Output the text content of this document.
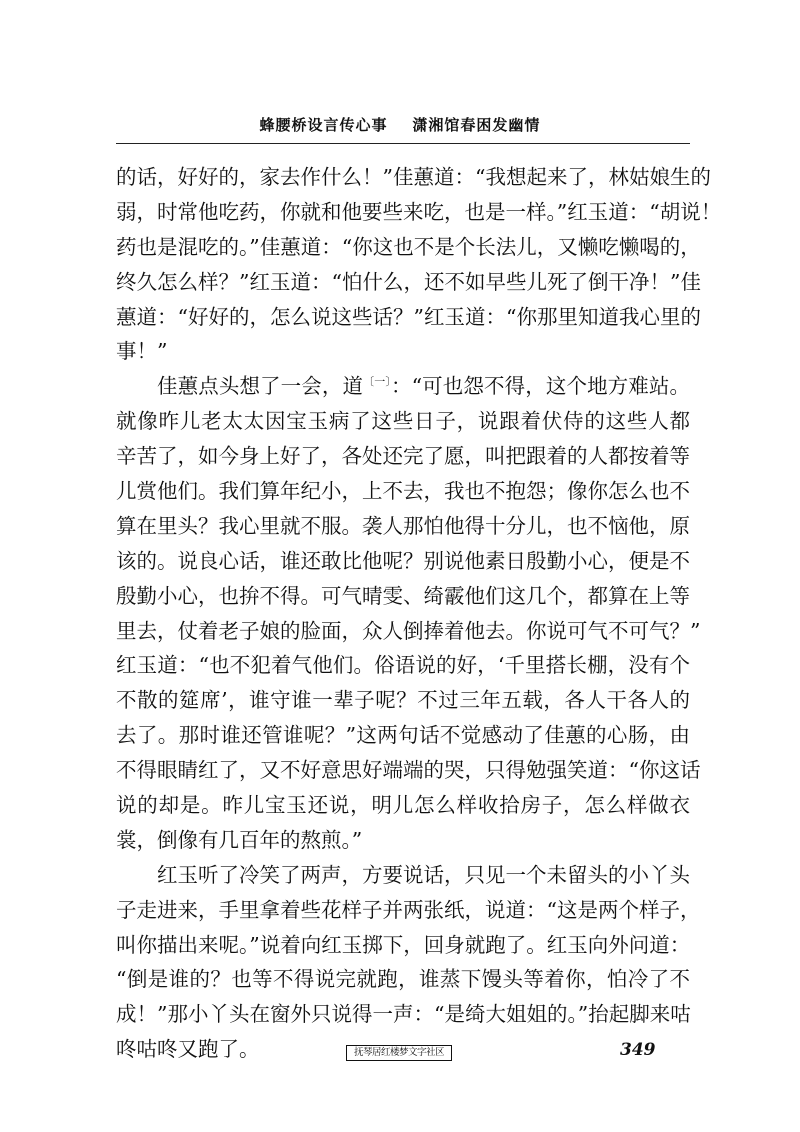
蜂腰桥设言传心事    潇湘馆春困发幽情
的话，好好的，家去作什么！”佳蕙道：“我想起来了，林姑娘生的
弱，时常他吃药，你就和他要些来吃，也是一样。”红玉道：“胡说！
药也是混吃的。”佳蕙道：“你这也不是个长法儿，又懒吃懒喝的，
终久怎么样？”红玉道：“怕什么，还不如早些儿死了倒干净！”佳
蕙道：“好好的，怎么说这些话？”红玉道：“你那里知道我心里的
事！”
佳蕙点头想了一会，道$^{〔一〕}$：“可也怨不得，这个地方难站。
就像昨儿老太太因宝玉病了这些日子，说跟着伏侍的这些人都
辛苦了，如今身上好了，各处还完了愿，叫把跟着的人都按着等
儿赏他们。我们算年纪小，上不去，我也不抱怨；像你怎么也不
算在里头？我心里就不服。袭人那怕他得十分儿，也不恼他，原
该的。说良心话，谁还敢比他呢？别说他素日殷勤小心，便是不
殷勤小心，也拚不得。可气晴雯、绮霰他们这几个，都算在上等
里去，仗着老子娘的脸面，众人倒捧着他去。你说可气不可气？”
红玉道：“也不犯着气他们。俗语说的好，‘千里搭长棚，没有个
不散的筵席’，谁守谁一辈子呢？不过三年五载，各人干各人的
去了。那时谁还管谁呢？”这两句话不觉感动了佳蕙的心肠，由
不得眼睛红了，又不好意思好端端的哭，只得勉强笑道：“你这话
说的却是。昨儿宝玉还说，明儿怎么样收拾房子，怎么样做衣
裳，倒像有几百年的熬煎。”
红玉听了冷笑了两声，方要说话，只见一个未留头的小丫头
子走进来，手里拿着些花样子并两张纸，说道：“这是两个样子，
叫你描出来呢。”说着向红玉掷下，回身就跑了。红玉向外问道：
“倒是谁的？也等不得说完就跑，谁蒸下馒头等着你，怕冷了不
成！”那小丫头在窗外只说得一声：“是绮大姐姐的。”抬起脚来咕
咚咕咚又跑了。	抚琴居红楼梦文字社区	349
